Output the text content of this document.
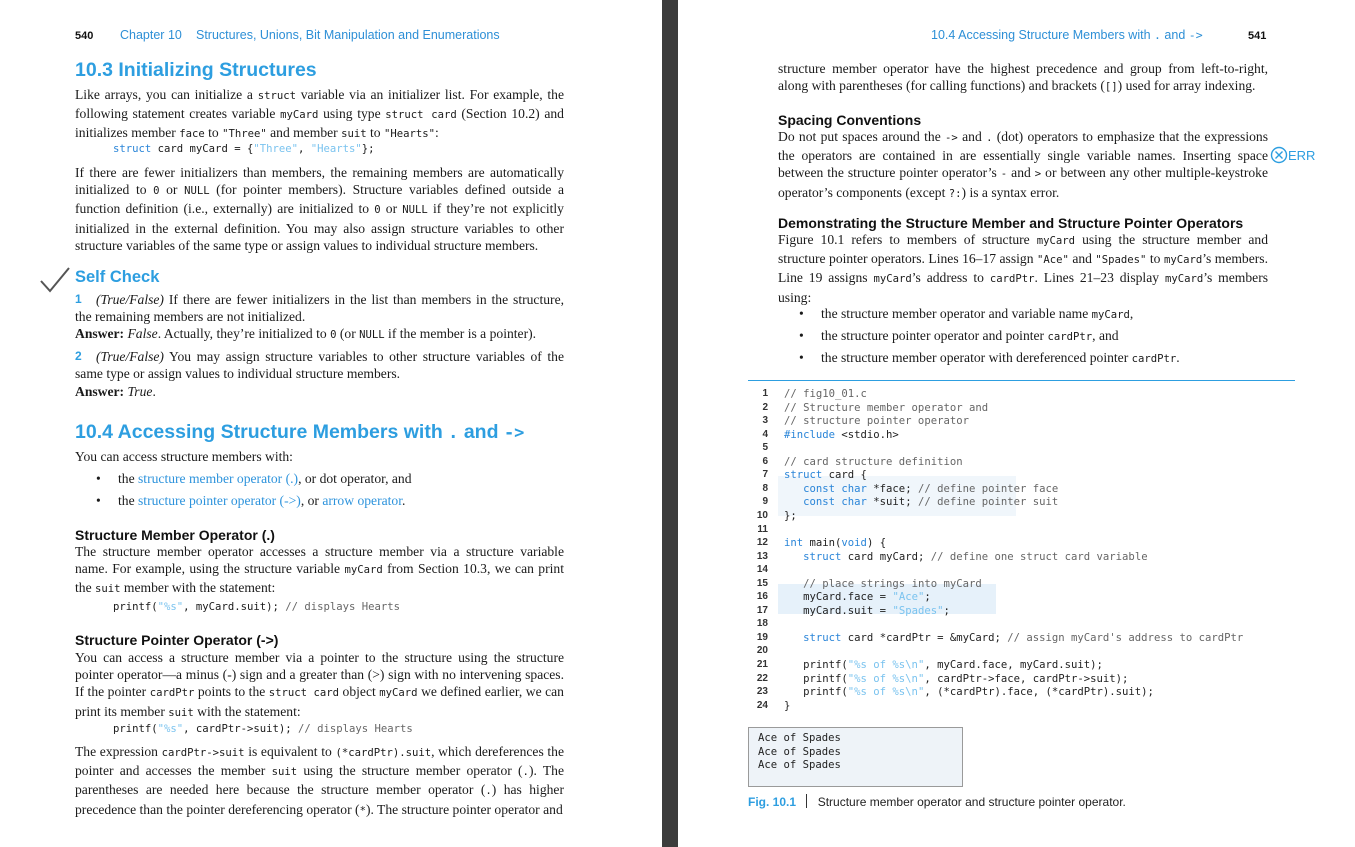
540 Chapter 10 Structures, Unions, Bit Manipulation and Enumerations
10.3 Initializing Structures
Like arrays, you can initialize a struct variable via an initializer list. For example, the following statement creates variable myCard using type struct card (Section 10.2) and initializes member face to "Three" and member suit to "Hearts":
struct card myCard = {"Three", "Hearts"};
If there are fewer initializers than members, the remaining members are automatically initialized to 0 or NULL (for pointer members). Structure variables defined outside a function definition (i.e., externally) are initialized to 0 or NULL if they’re not explicitly initialized in the external definition. You may also assign structure variables to other structure variables of the same type or assign values to individual structure members.
Self Check
1	(True/False) If there are fewer initializers in the list than members in the structure, the remaining members are not initialized.
Answer: False. Actually, they’re initialized to 0 (or NULL if the member is a pointer).
2	(True/False) You may assign structure variables to other structure variables of the same type or assign values to individual structure members.
Answer: True.
10.4 Accessing Structure Members with . and ->
You can access structure members with:
• the structure member operator (.), or dot operator, and
• the structure pointer operator (->), or arrow operator.
Structure Member Operator (.)
The structure member operator accesses a structure member via a structure variable name. For example, using the structure variable myCard from Section 10.3, we can print the suit member with the statement:
printf("%s", myCard.suit); // displays Hearts
Structure Pointer Operator (->)
You can access a structure member via a pointer to the structure using the structure pointer operator—a minus (-) sign and a greater than (>) sign with no intervening spaces. If the pointer cardPtr points to the struct card object myCard we defined earlier, we can print its member suit with the statement:
printf("%s", cardPtr->suit); // displays Hearts
The expression cardPtr->suit is equivalent to (*cardPtr).suit, which dereferences the pointer and accesses the member suit using the structure member operator (.). The parentheses are needed here because the structure member operator (.) has higher precedence than the pointer dereferencing operator (*). The structure pointer operator and
10.4 Accessing Structure Members with . and ->	541
structure member operator have the highest precedence and group from left-to-right, along with parentheses (for calling functions) and brackets ([]) used for array indexing.
Spacing Conventions
Do not put spaces around the -> and . (dot) operators to emphasize that the expressions the operators are contained in are essentially single variable names. Inserting space between the structure pointer operator’s - and > or between any other multiple-keystroke operator’s components (except ?:) is a syntax error.
ERR
Demonstrating the Structure Member and Structure Pointer Operators
Figure 10.1 refers to members of structure myCard using the structure member and structure pointer operators. Lines 16–17 assign "Ace" and "Spades" to myCard’s members. Line 19 assigns myCard’s address to cardPtr. Lines 21–23 display myCard’s members using:
• the structure member operator and variable name myCard,
• the structure pointer operator and pointer cardPtr, and
• the structure member operator with dereferenced pointer cardPtr.
1 // fig10_01.c
2 // Structure member operator and
3 // structure pointer operator
4 #include <stdio.h>
5
6 // card structure definition
7 struct card {
8	const char *face; // define pointer face
9	const char *suit; // define pointer suit
10 };
11
12 int main(void) {
13	struct card myCard; // define one struct card variable
14
15	// place strings into myCard
16 myCard.face = "Ace";
17 myCard.suit = "Spades";
18
19	struct card *cardPtr = &myCard; // assign myCard's address to cardPtr
20
21 printf("%s of %s\n", myCard.face, myCard.suit);
22 printf("%s of %s\n", cardPtr->face, cardPtr->suit);
23 printf("%s of %s\n", (*cardPtr).face, (*cardPtr).suit);
24 }
Ace of Spades
Ace of Spades
Ace of Spades
Fig. 10.1 Structure member operator and structure pointer operator.
